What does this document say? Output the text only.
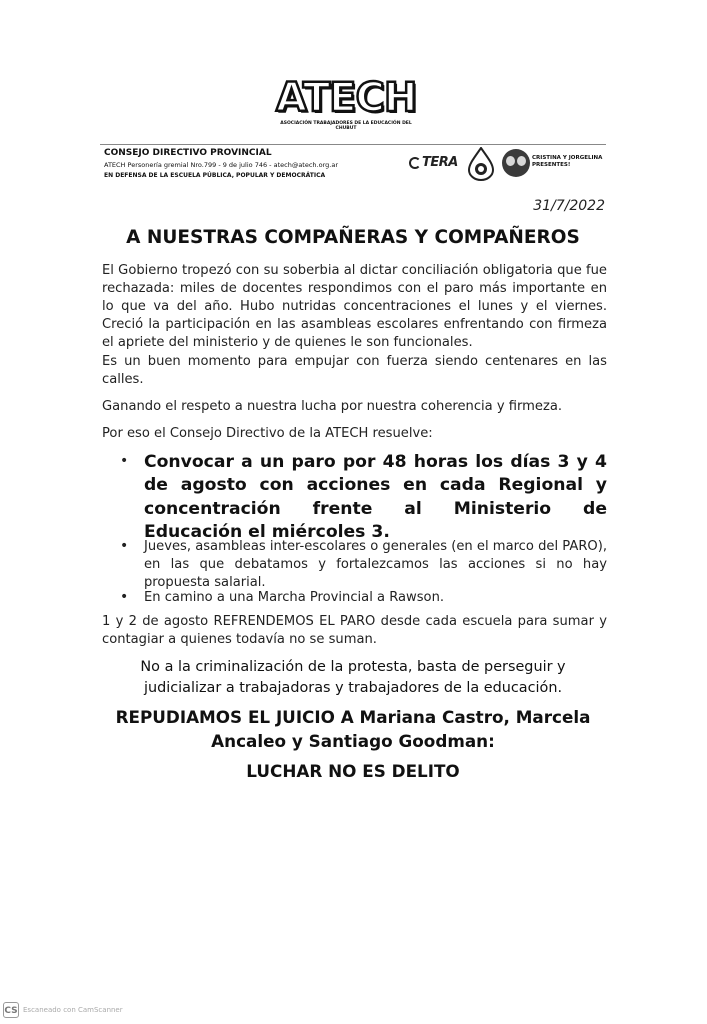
ATECH
ASOCIACIÓN TRABAJADORES DE LA EDUCACIÓN DEL CHUBUT
CONSEJO DIRECTIVO PROVINCIAL
ATECH Personería gremial Nro.799 - 9 de julio 746 - atech@atech.org.ar
EN DEFENSA DE LA ESCUELA PÚBLICA, POPULAR Y DEMOCRÁTICA
TERA	CRISTINA Y JORGELINA
PRESENTES!
31/7/2022
A NUESTRAS COMPAÑERAS Y COMPAÑEROS
El Gobierno tropezó con su soberbia al dictar conciliación obligatoria que fue rechazada: miles de docentes respondimos con el paro más importante en lo que va del año. Hubo nutridas concentraciones el lunes y el viernes. Creció la participación en las asambleas escolares enfrentando con firmeza el apriete del ministerio y de quienes le son funcionales.
Es un buen momento para empujar con fuerza siendo centenares en las calles.
Ganando el respeto a nuestra lucha por nuestra coherencia y firmeza.
Por eso el Consejo Directivo de la ATECH resuelve:
• Convocar a un paro por 48 horas los días 3 y 4 de agosto con acciones en cada Regional y concentración frente al Ministerio de Educación el miércoles 3.
• Jueves, asambleas inter-escolares o generales (en el marco del PARO), en las que debatamos y fortalezcamos las acciones si no hay propuesta salarial.
• En camino a una Marcha Provincial a Rawson.
1 y 2 de agosto REFRENDEMOS EL PARO desde cada escuela para sumar y contagiar a quienes todavía no se suman.
No a la criminalización de la protesta, basta de perseguir y judicializar a trabajadoras y trabajadores de la educación.
REPUDIAMOS EL JUICIO A Mariana Castro, Marcela Ancaleo y Santiago Goodman:
LUCHAR NO ES DELITO
CS Escaneado con CamScanner
